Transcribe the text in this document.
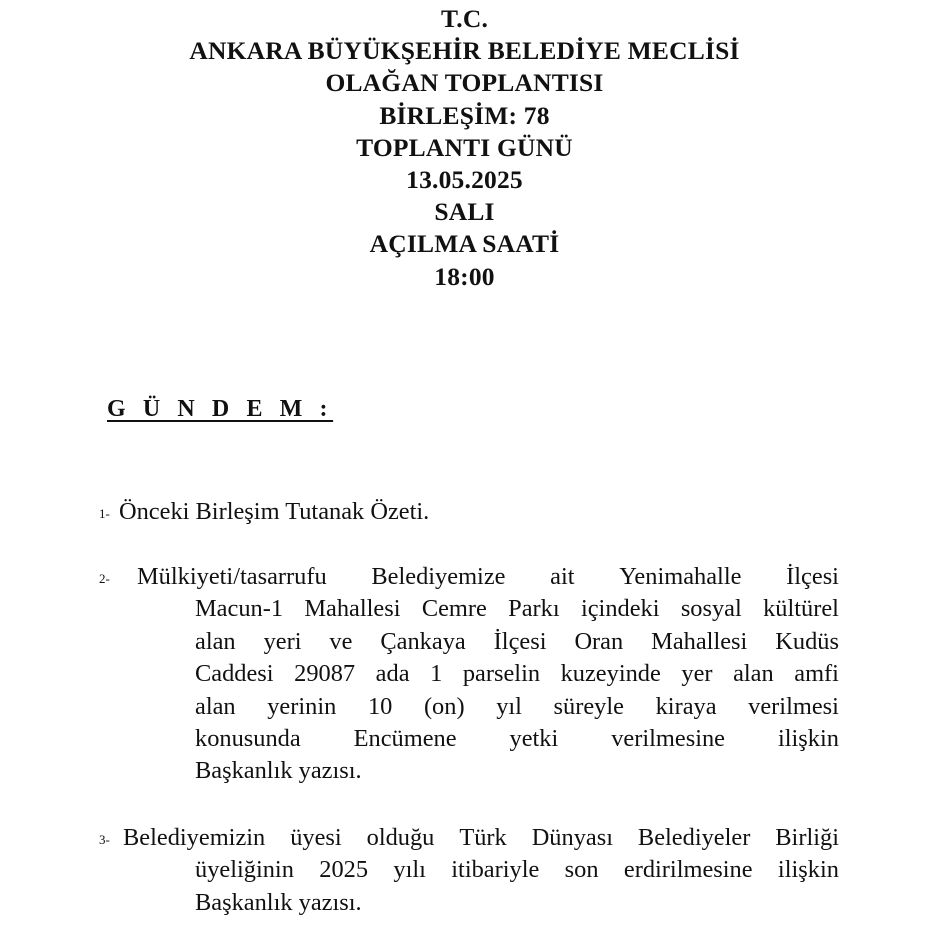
T.C.
ANKARA BÜYÜKŞEHİR BELEDİYE MECLİSİ
OLAĞAN TOPLANTISI
BİRLEŞİM: 78
TOPLANTI GÜNÜ
13.05.2025
SALI
AÇILMA SAATİ
18:00
G Ü N D E M :
1- Önceki Birleşim Tutanak Özeti.
2- Mülkiyeti/tasarrufu Belediyemize ait Yenimahalle İlçesi
Macun-1 Mahallesi Cemre Parkı içindeki sosyal kültürel
alan yeri ve Çankaya İlçesi Oran Mahallesi Kudüs
Caddesi 29087 ada 1 parselin kuzeyinde yer alan amfi
alan yerinin 10 (on) yıl süreyle kiraya verilmesi
konusunda Encümene yetki verilmesine ilişkin
Başkanlık yazısı.
3- Belediyemizin üyesi olduğu Türk Dünyası Belediyeler Birliği
üyeliğinin 2025 yılı itibariyle son erdirilmesine ilişkin
Başkanlık yazısı.
